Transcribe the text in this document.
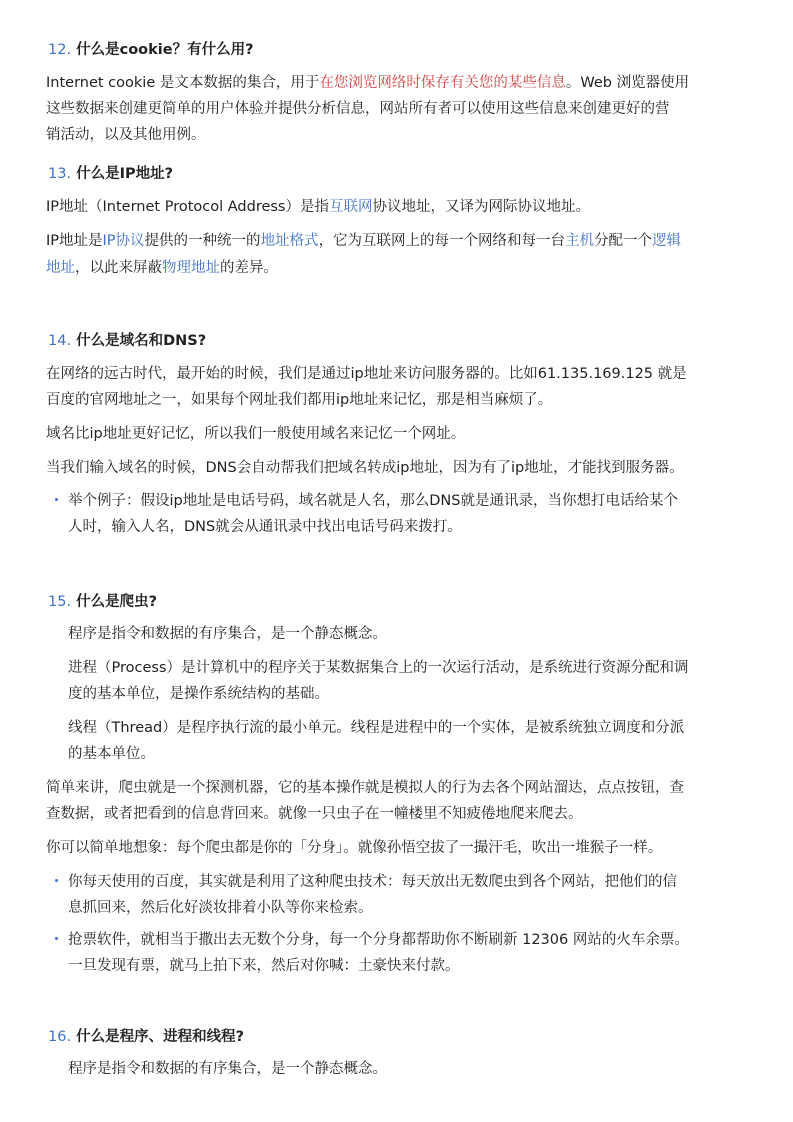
12. 什么是cookie？有什么用?
Internet cookie 是文本数据的集合，用于在您浏览网络时保存有关您的某些信息。Web 浏览器使用
这些数据来创建更简单的用户体验并提供分析信息，网站所有者可以使用这些信息来创建更好的营
销活动，以及其他用例。
13. 什么是IP地址?
IP地址（Internet Protocol Address）是指互联网协议地址，又译为网际协议地址。
IP地址是IP协议提供的一种统一的地址格式，它为互联网上的每一个网络和每一台主机分配一个逻辑
地址，以此来屏蔽物理地址的差异。
14. 什么是域名和DNS?
在网络的远古时代，最开始的时候，我们是通过ip地址来访问服务器的。比如61.135.169.125 就是
百度的官网地址之一，如果每个网址我们都用ip地址来记忆，那是相当麻烦了。
域名比ip地址更好记忆，所以我们一般使用域名来记忆一个网址。
当我们输入域名的时候，DNS会自动帮我们把域名转成ip地址，因为有了ip地址，才能找到服务器。
举个例子：假设ip地址是电话号码，域名就是人名，那么DNS就是通讯录，当你想打电话给某个
人时，输入人名，DNS就会从通讯录中找出电话号码来拨打。
15. 什么是爬虫?
程序是指令和数据的有序集合，是一个静态概念。
进程（Process）是计算机中的程序关于某数据集合上的一次运行活动，是系统进行资源分配和调
度的基本单位，是操作系统结构的基础。
线程（Thread）是程序执行流的最小单元。线程是进程中的一个实体，是被系统独立调度和分派
的基本单位。
简单来讲，爬虫就是一个探测机器，它的基本操作就是模拟人的行为去各个网站溜达，点点按钮，查
查数据，或者把看到的信息背回来。就像一只虫子在一幢楼里不知疲倦地爬来爬去。
你可以简单地想象：每个爬虫都是你的「分身」。就像孙悟空拔了一撮汗毛，吹出一堆猴子一样。
你每天使用的百度，其实就是利用了这种爬虫技术：每天放出无数爬虫到各个网站，把他们的信
息抓回来，然后化好淡妆排着小队等你来检索。
抢票软件，就相当于撒出去无数个分身，每一个分身都帮助你不断刷新 12306 网站的火车余票。
一旦发现有票，就马上拍下来，然后对你喊：土豪快来付款。
16. 什么是程序、进程和线程?
程序是指令和数据的有序集合，是一个静态概念。
